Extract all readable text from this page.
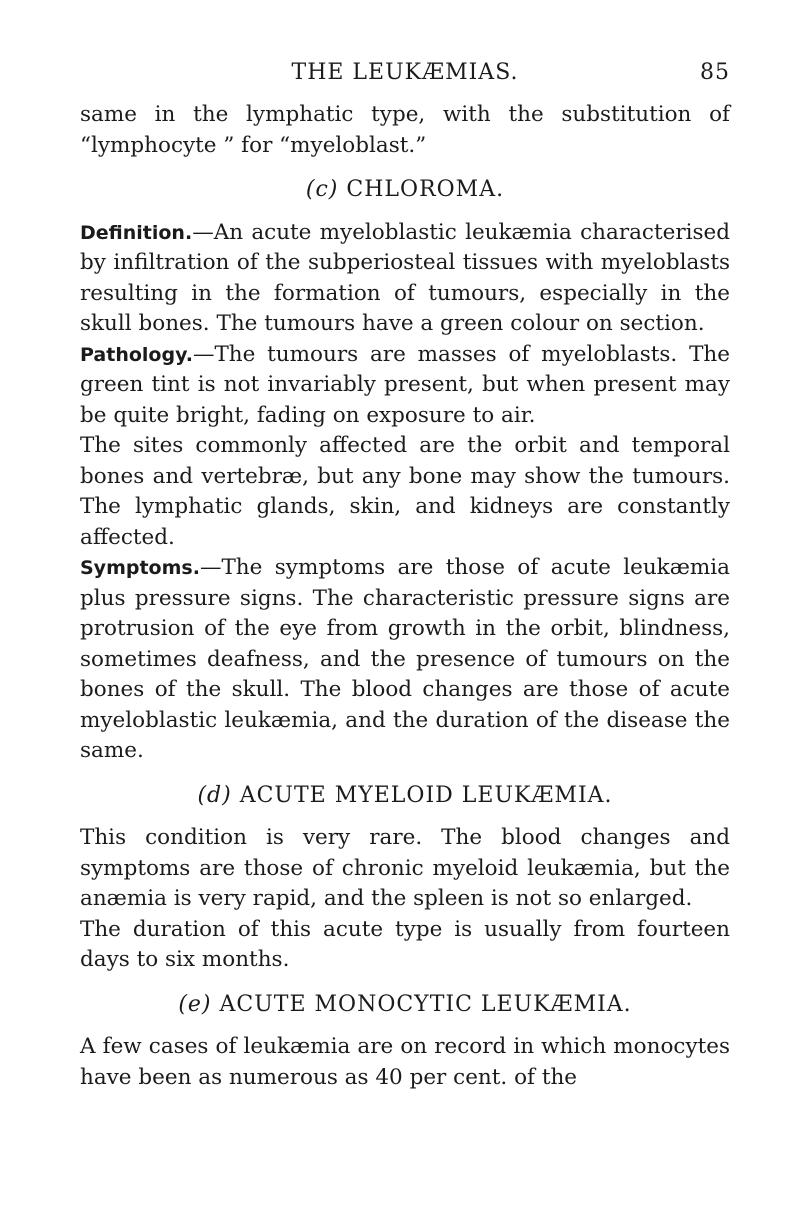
THE LEUKÆMIAS.	85

same in the lymphatic type, with the substitution of “lymphocyte ” for “myeloblast.”

(c) CHLOROMA.

Definition.—An acute myeloblastic leukæmia characterised by infiltration of the subperiosteal tissues with myeloblasts resulting in the formation of tumours, especially in the skull bones. The tumours have a green colour on section.

Pathology.—The tumours are masses of myeloblasts. The green tint is not invariably present, but when present may be quite bright, fading on exposure to air.

The sites commonly affected are the orbit and temporal bones and vertebræ, but any bone may show the tumours. The lymphatic glands, skin, and kidneys are constantly affected.

Symptoms.—The symptoms are those of acute leukæmia plus pressure signs. The characteristic pressure signs are protrusion of the eye from growth in the orbit, blindness, sometimes deafness, and the presence of tumours on the bones of the skull. The blood changes are those of acute myeloblastic leukæmia, and the duration of the disease the same.

(d) ACUTE MYELOID LEUKÆMIA.

This condition is very rare. The blood changes and symptoms are those of chronic myeloid leukæmia, but the anæmia is very rapid, and the spleen is not so enlarged.

The duration of this acute type is usually from fourteen days to six months.

(e) ACUTE MONOCYTIC LEUKÆMIA.

A few cases of leukæmia are on record in which monocytes have been as numerous as 40 per cent. of the
